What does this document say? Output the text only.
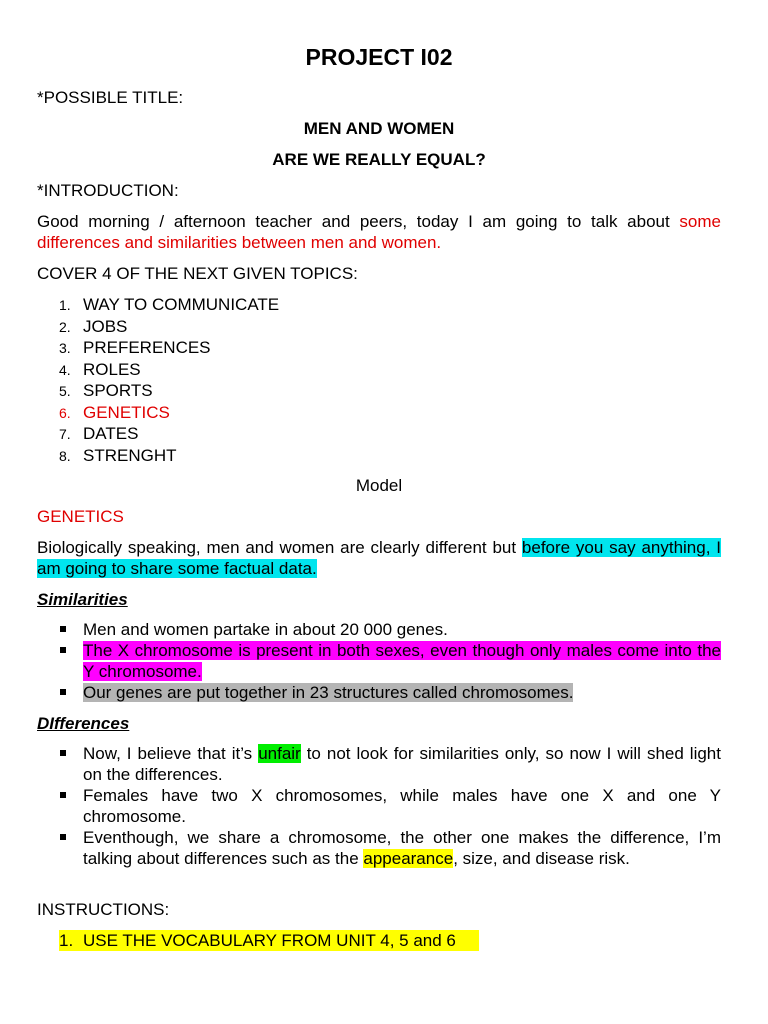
PROJECT I02
*POSSIBLE TITLE:
MEN AND WOMEN
ARE WE REALLY EQUAL?
*INTRODUCTION:
Good morning / afternoon teacher and peers, today I am going to talk about some differences and similarities between men and women.
COVER 4 OF THE NEXT GIVEN TOPICS:
1. WAY TO COMMUNICATE
2. JOBS
3. PREFERENCES
4. ROLES
5. SPORTS
6. GENETICS
7. DATES
8. STRENGHT
Model
GENETICS
Biologically speaking, men and women are clearly different but before you say anything, I am going to share some factual data.
Similarities
Men and women partake in about 20 000 genes.
The X chromosome is present in both sexes, even though only males come into the Y chromosome.
Our genes are put together in 23 structures called chromosomes.
DIfferences
Now, I believe that it’s unfair to not look for similarities only, so now I will shed light on the differences.
Females have two X chromosomes, while males have one X and one Y chromosome.
Eventhough, we share a chromosome, the other one makes the difference, I’m talking about differences such as the appearance, size, and disease risk.
INSTRUCTIONS:
1. USE THE VOCABULARY FROM UNIT 4, 5 and 6
